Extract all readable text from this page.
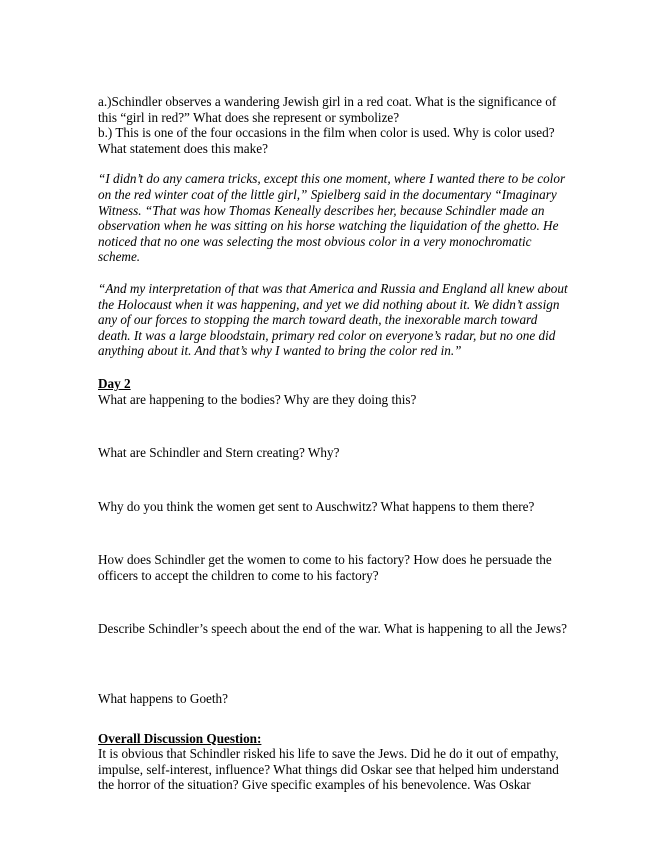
a.)Schindler observes a wandering Jewish girl in a red coat. What is the significance of this “girl in red?” What does she represent or symbolize?

b.) This is one of the four occasions in the film when color is used. Why is color used? What statement does this make?

“I didn’t do any camera tricks, except this one moment, where I wanted there to be color on the red winter coat of the little girl,” Spielberg said in the documentary “Imaginary Witness. “That was how Thomas Keneally describes her, because Schindler made an observation when he was sitting on his horse watching the liquidation of the ghetto. He noticed that no one was selecting the most obvious color in a very monochromatic scheme.

“And my interpretation of that was that America and Russia and England all knew about the Holocaust when it was happening, and yet we did nothing about it. We didn’t assign any of our forces to stopping the march toward death, the inexorable march toward death. It was a large bloodstain, primary red color on everyone’s radar, but no one did anything about it. And that’s why I wanted to bring the color red in.”

Day 2

What are happening to the bodies? Why are they doing this?

What are Schindler and Stern creating? Why?

Why do you think the women get sent to Auschwitz? What happens to them there?

How does Schindler get the women to come to his factory? How does he persuade the officers to accept the children to come to his factory?

Describe Schindler’s speech about the end of the war. What is happening to all the Jews?

What happens to Goeth?

Overall Discussion Question:

It is obvious that Schindler risked his life to save the Jews. Did he do it out of empathy, impulse, self-interest, influence? What things did Oskar see that helped him understand the horror of the situation? Give specific examples of his benevolence. Was Oskar
